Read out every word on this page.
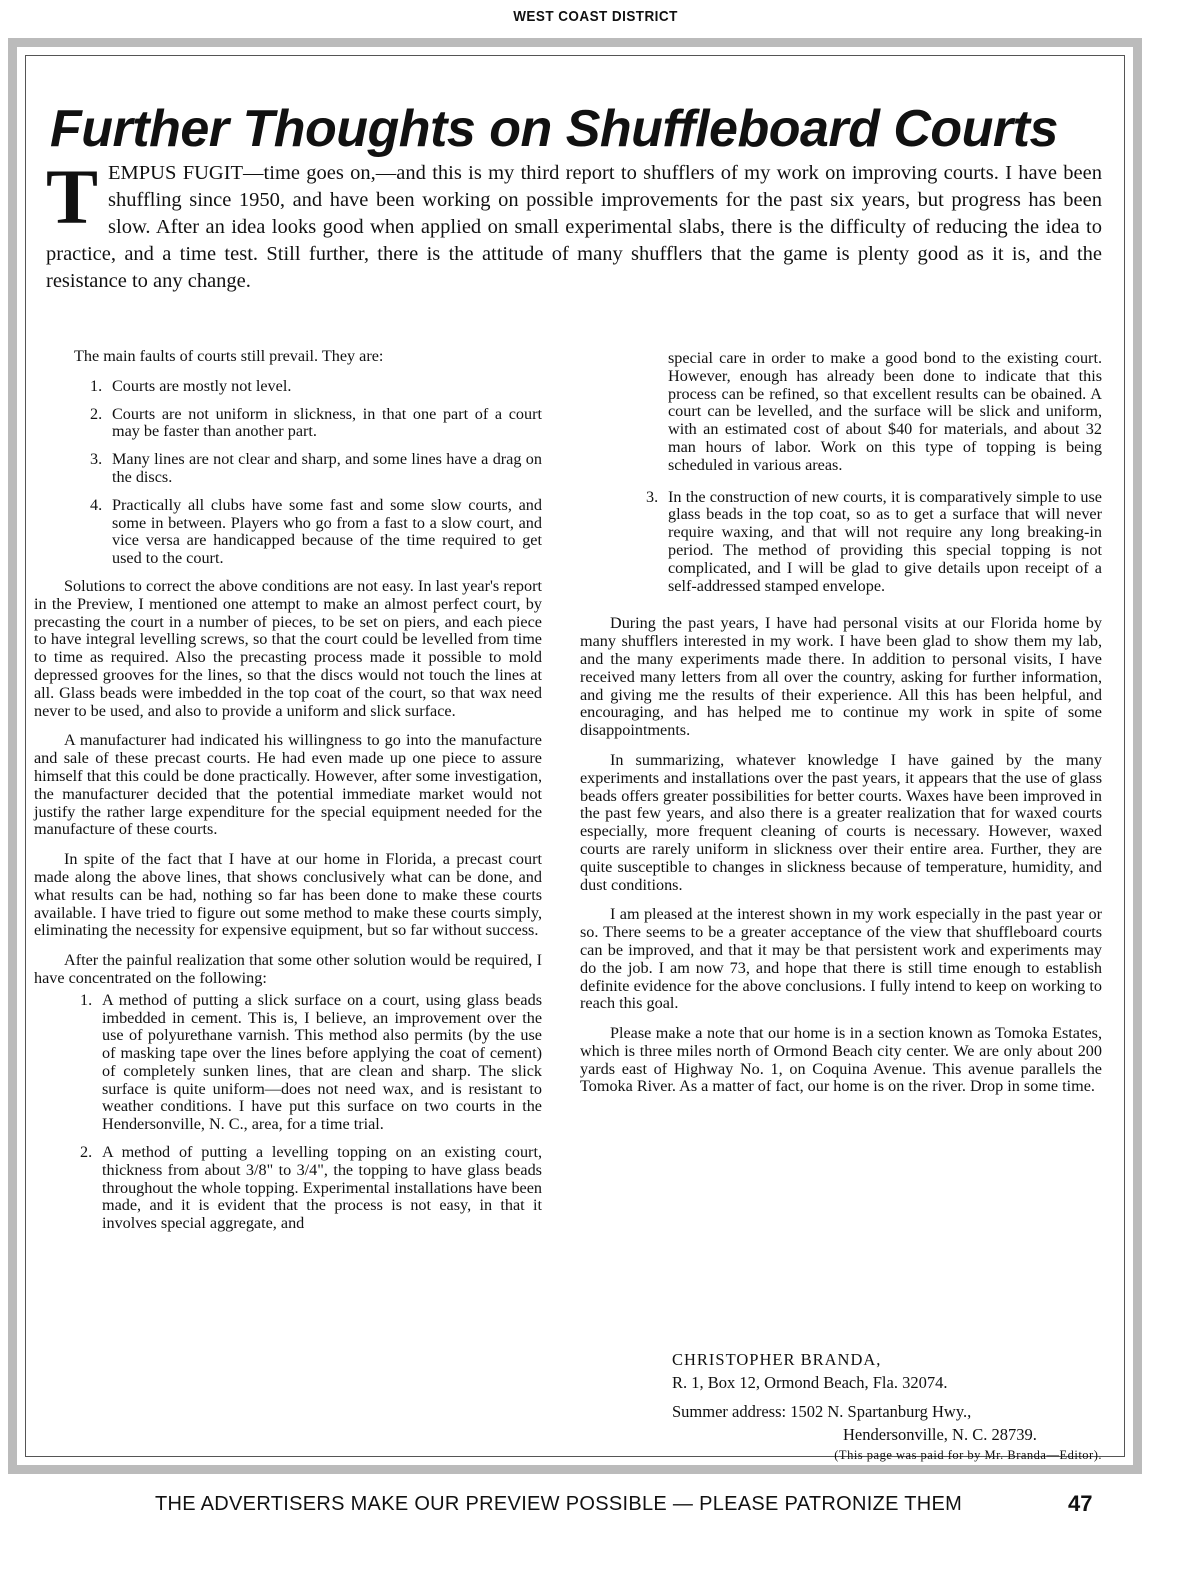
WEST COAST DISTRICT
Further Thoughts on Shuffleboard Courts
TEMPUS FUGIT—time goes on,—and this is my third report to shufflers of my work on improving courts. I have been shuffling since 1950, and have been working on possible improvements for the past six years, but progress has been slow. After an idea looks good when applied on small experimental slabs, there is the difficulty of reducing the idea to practice, and a time test. Still further, there is the attitude of many shufflers that the game is plenty good as it is, and the resistance to any change.

The main faults of courts still prevail. They are:

1. Courts are mostly not level.
2. Courts are not uniform in slickness, in that one part of a court may be faster than another part.
3. Many lines are not clear and sharp, and some lines have a drag on the discs.
4. Practically all clubs have some fast and some slow courts, and some in between. Players who go from a fast to a slow court, and vice versa are handicapped because of the time required to get used to the court.

Solutions to correct the above conditions are not easy. In last year's report in the Preview, I mentioned one attempt to make an almost perfect court, by precasting the court in a number of pieces, to be set on piers, and each piece to have integral levelling screws, so that the court could be levelled from time to time as required. Also the precasting process made it possible to mold depressed grooves for the lines, so that the discs would not touch the lines at all. Glass beads were imbedded in the top coat of the court, so that wax need never to be used, and also to provide a uniform and slick surface.

A manufacturer had indicated his willingness to go into the manufacture and sale of these precast courts. He had even made up one piece to assure himself that this could be done practically. However, after some investigation, the manufacturer decided that the potential immediate market would not justify the rather large expenditure for the special equipment needed for the manufacture of these courts.

In spite of the fact that I have at our home in Florida, a precast court made along the above lines, that shows conclusively what can be done, and what results can be had, nothing so far has been done to make these courts available. I have tried to figure out some method to make these courts simply, eliminating the necessity for expensive equipment, but so far without success.

After the painful realization that some other solution would be required, I have concentrated on the following:

1. A method of putting a slick surface on a court, using glass beads imbedded in cement. This is, I believe, an improvement over the use of polyurethane varnish. This method also permits (by the use of masking tape over the lines before applying the coat of cement) of completely sunken lines, that are clean and sharp. The slick surface is quite uniform—does not need wax, and is resistant to weather conditions. I have put this surface on two courts in the Hendersonville, N. C., area, for a time trial.
2. A method of putting a levelling topping on an existing court, thickness from about 3/8" to 3/4", the topping to have glass beads throughout the whole topping. Experimental installations have been made, and it is evident that the process is not easy, in that it involves special aggregate, and
special care in order to make a good bond to the existing court. However, enough has already been done to indicate that this process can be refined, so that excellent results can be obained. A court can be levelled, and the surface will be slick and uniform, with an estimated cost of about $40 for materials, and about 32 man hours of labor. Work on this type of topping is being scheduled in various areas.
3. In the construction of new courts, it is comparatively simple to use glass beads in the top coat, so as to get a surface that will never require waxing, and that will not require any long breaking-in period. The method of providing this special topping is not complicated, and I will be glad to give details upon receipt of a self-addressed stamped envelope.

During the past years, I have had personal visits at our Florida home by many shufflers interested in my work. I have been glad to show them my lab, and the many experiments made there. In addition to personal visits, I have received many letters from all over the country, asking for further information, and giving me the results of their experience. All this has been helpful, and encouraging, and has helped me to continue my work in spite of some disappointments.

In summarizing, whatever knowledge I have gained by the many experiments and installations over the past years, it appears that the use of glass beads offers greater possibilities for better courts. Waxes have been improved in the past few years, and also there is a greater realization that for waxed courts especially, more frequent cleaning of courts is necessary. However, waxed courts are rarely uniform in slickness over their entire area. Further, they are quite susceptible to changes in slickness because of temperature, humidity, and dust conditions.

I am pleased at the interest shown in my work especially in the past year or so. There seems to be a greater acceptance of the view that shuffleboard courts can be improved, and that it may be that persistent work and experiments may do the job. I am now 73, and hope that there is still time enough to establish definite evidence for the above conclusions. I fully intend to keep on working to reach this goal.

Please make a note that our home is in a section known as Tomoka Estates, which is three miles north of Ormond Beach city center. We are only about 200 yards east of Highway No. 1, on Coquina Avenue. This avenue parallels the Tomoka River. As a matter of fact, our home is on the river. Drop in some time.

CHRISTOPHER BRANDA,
R. 1, Box 12, Ormond Beach, Fla. 32074.
Summer address: 1502 N. Spartanburg Hwy.,
Hendersonville, N. C. 28739.
(This page was paid for by Mr. Branda—Editor).
THE ADVERTISERS MAKE OUR PREVIEW POSSIBLE — PLEASE PATRONIZE THEM	47
